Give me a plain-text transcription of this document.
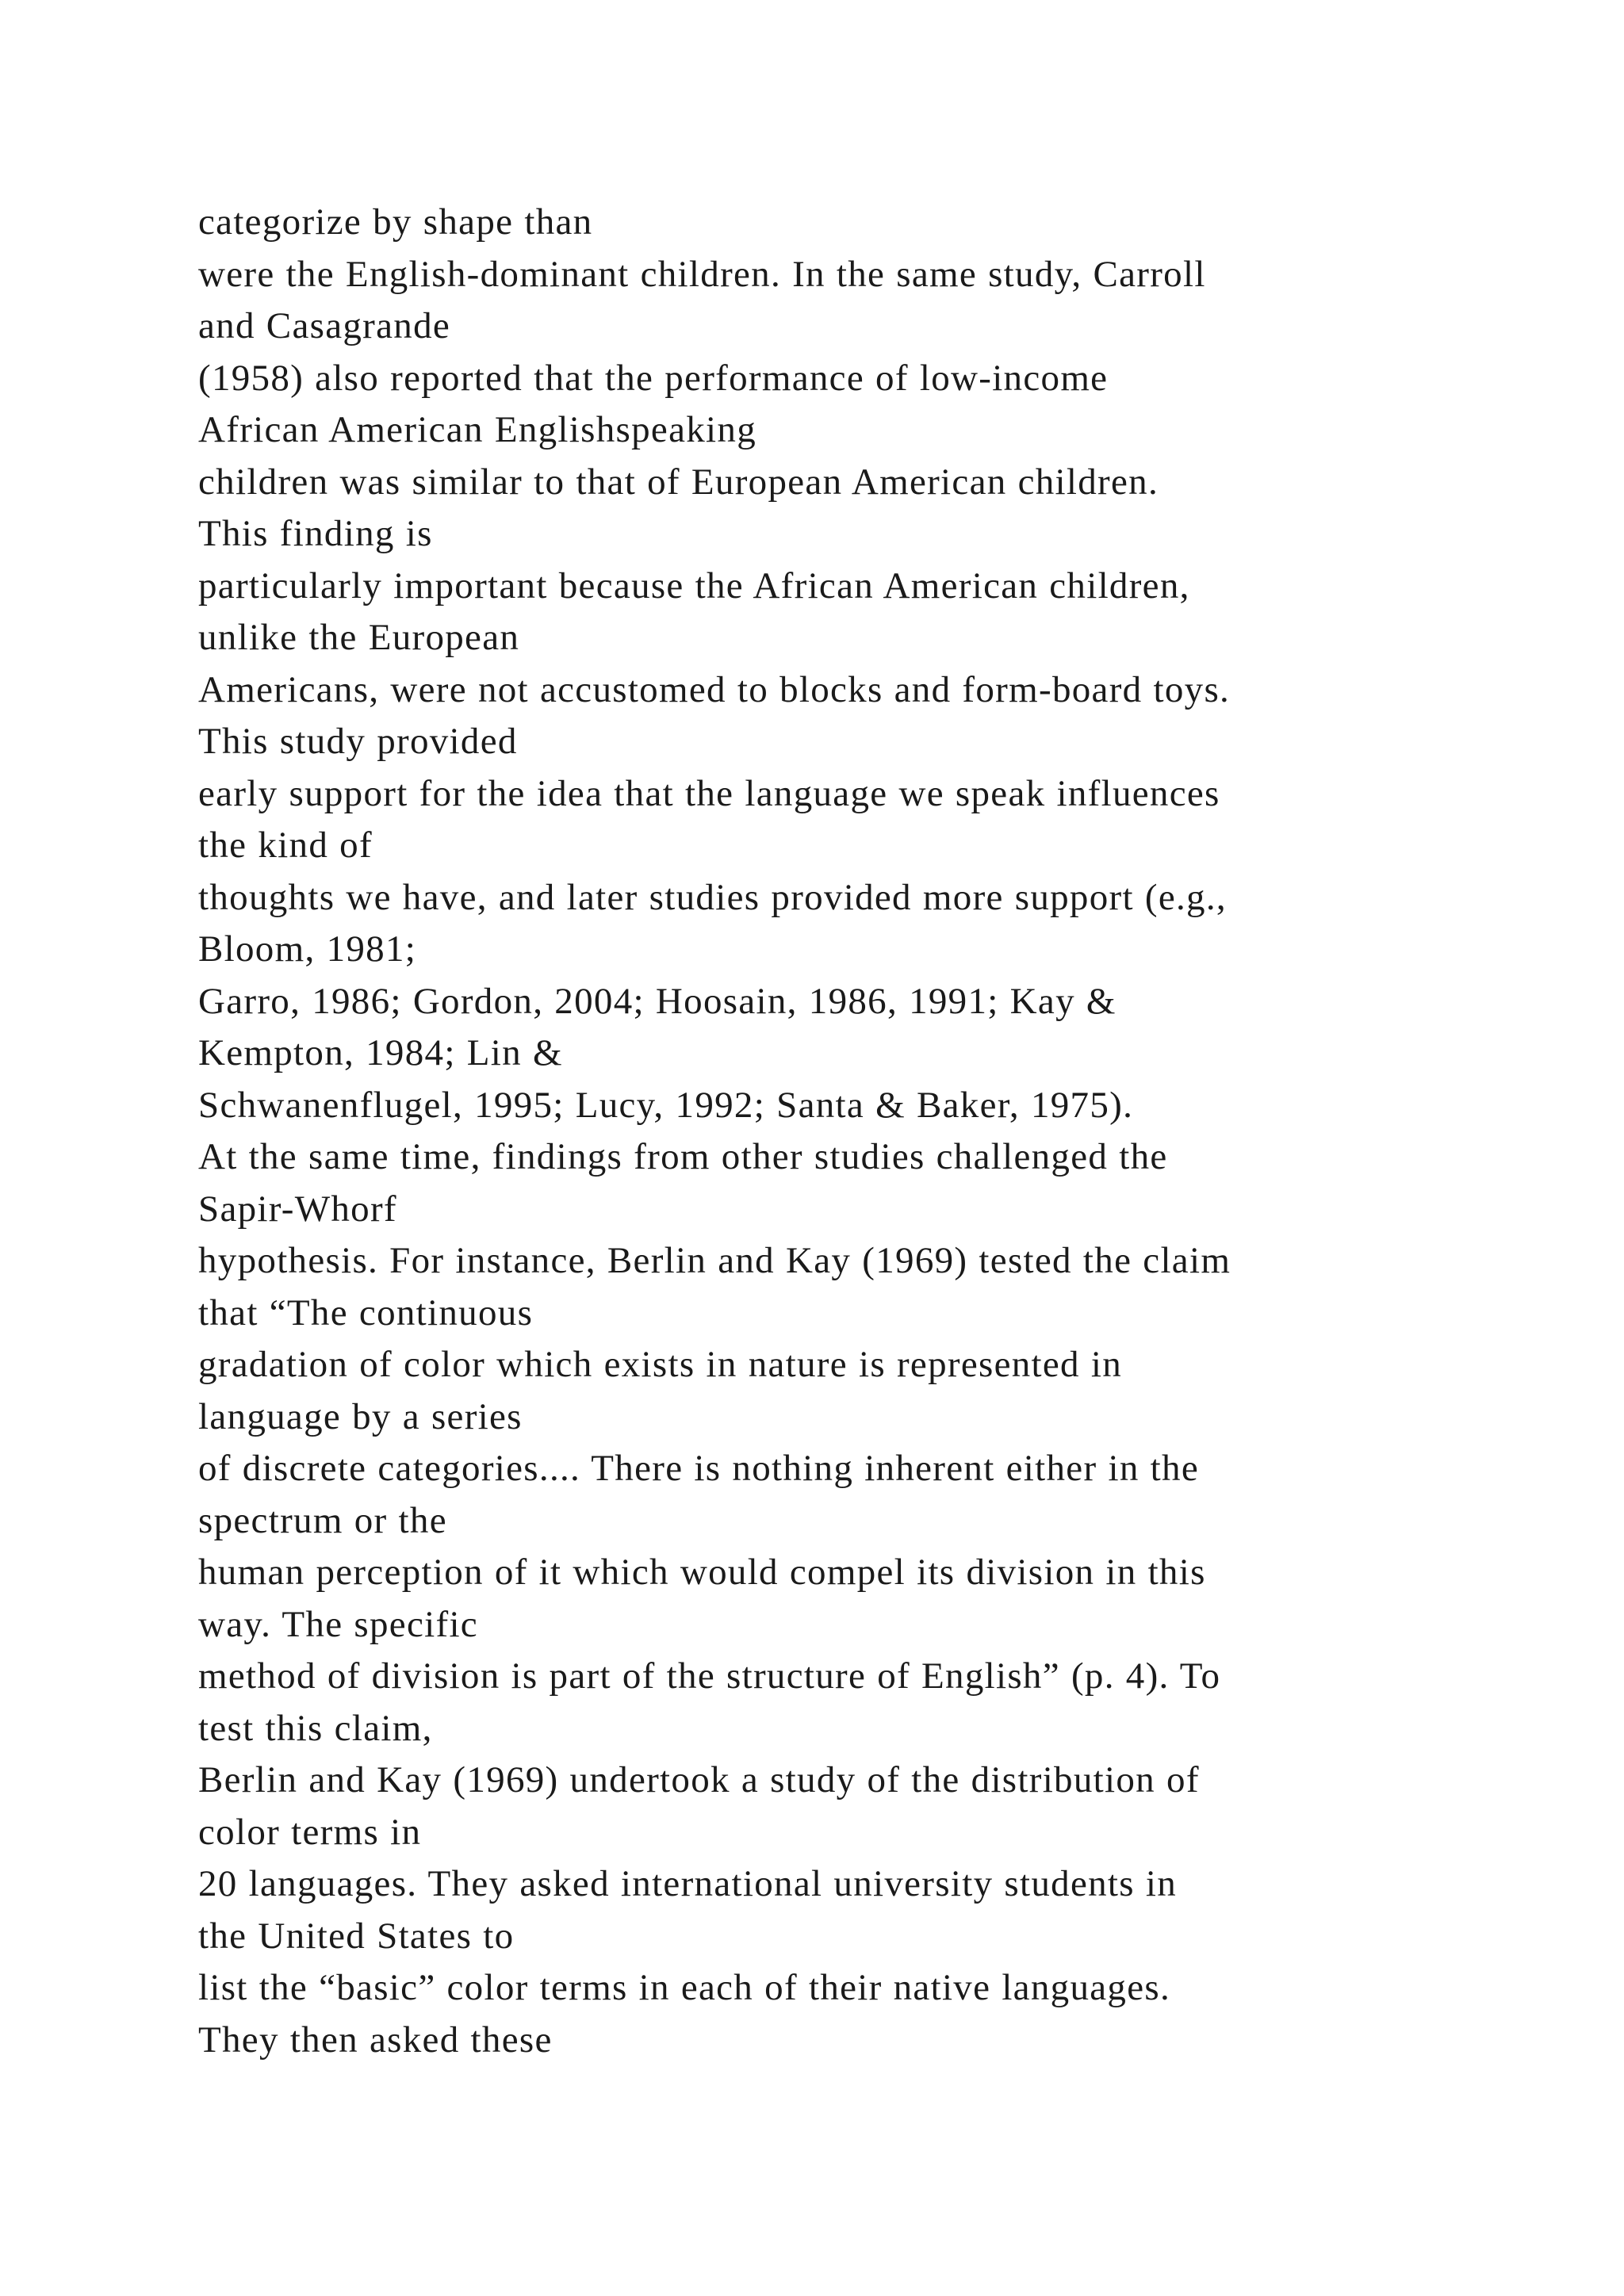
categorize by shape than
were the English-dominant children. In the same study, Carroll
and Casagrande
(1958) also reported that the performance of low-income
African American Englishspeaking
children was similar to that of European American children.
This finding is
particularly important because the African American children,
unlike the European
Americans, were not accustomed to blocks and form-board toys.
This study provided
early support for the idea that the language we speak influences
the kind of
thoughts we have, and later studies provided more support (e.g.,
Bloom, 1981;
Garro, 1986; Gordon, 2004; Hoosain, 1986, 1991; Kay &
Kempton, 1984; Lin &
Schwanenflugel, 1995; Lucy, 1992; Santa & Baker, 1975).
At the same time, findings from other studies challenged the
Sapir-Whorf
hypothesis. For instance, Berlin and Kay (1969) tested the claim
that “The continuous
gradation of color which exists in nature is represented in
language by a series
of discrete categories.... There is nothing inherent either in the
spectrum or the
human perception of it which would compel its division in this
way. The specific
method of division is part of the structure of English” (p. 4). To
test this claim,
Berlin and Kay (1969) undertook a study of the distribution of
color terms in
20 languages. They asked international university students in
the United States to
list the “basic” color terms in each of their native languages.
They then asked these
